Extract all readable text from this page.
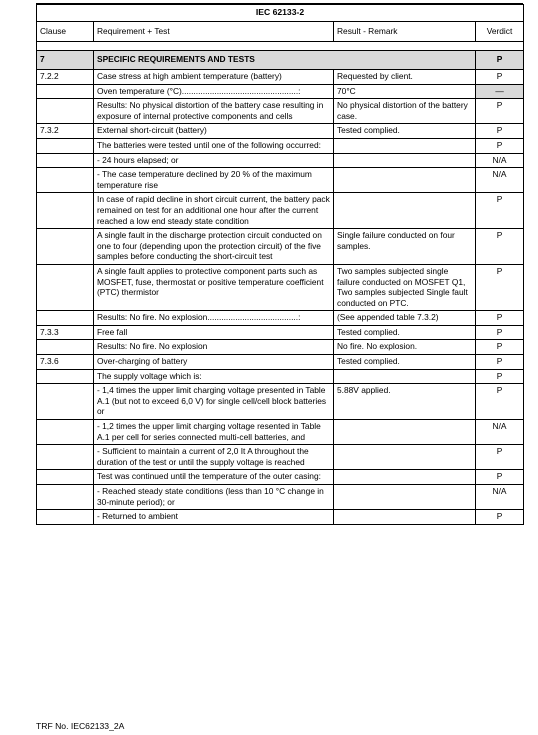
IEC 62133-2			
Clause	Requirement + Test	Result - Remark	Verdict

7	SPECIFIC REQUIREMENTS AND TESTS		P
7.2.2	Case stress at high ambient temperature (battery)	Requested by client.	P
	Oven temperature (°C)..................................................:	70°C	—
	Results: No physical distortion of the battery case resulting in exposure of internal protective components and cells	No physical distortion of the battery case.	P
7.3.2	External short-circuit (battery)	Tested complied.	P
	The batteries were tested until one of the following occurred:		P
	- 24 hours elapsed; or		N/A
	- The case temperature declined by 20 % of the maximum temperature rise		N/A
	In case of rapid decline in short circuit current, the battery pack remained on test for an additional one hour after the current reached a low end steady state condition		P
	A single fault in the discharge protection circuit conducted on one to four (depending upon the protection circuit) of the five samples before conducting the short-circuit test	Single failure conducted on four samples.	P
	A single fault applies to protective component parts such as MOSFET, fuse, thermostat or positive temperature coefficient (PTC) thermistor	Two samples subjected single failure conducted on MOSFET Q1, Two samples subjected Single fault conducted on PTC.	P
	Results: No fire. No explosion.......................................:	(See appended table 7.3.2)	P
7.3.3	Free fall	Tested complied.	P
	Results: No fire. No explosion	No fire. No explosion.	P
7.3.6	Over-charging of battery	Tested complied.	P
	The supply voltage which is:		P
	- 1,4 times the upper limit charging voltage presented in Table A.1 (but not to exceed 6,0 V) for single cell/cell block batteries or	5.88V applied.	P
	- 1,2 times the upper limit charging voltage resented in Table A.1 per cell for series connected multi-cell batteries, and		N/A
	- Sufficient to maintain a current of 2,0 It A throughout the duration of the test or until the supply voltage is reached		P
	Test was continued until the temperature of the outer casing:		P
	- Reached steady state conditions (less than 10 °C change in 30-minute period); or		N/A
	- Returned to ambient		P
TRF No. IEC62133_2A
